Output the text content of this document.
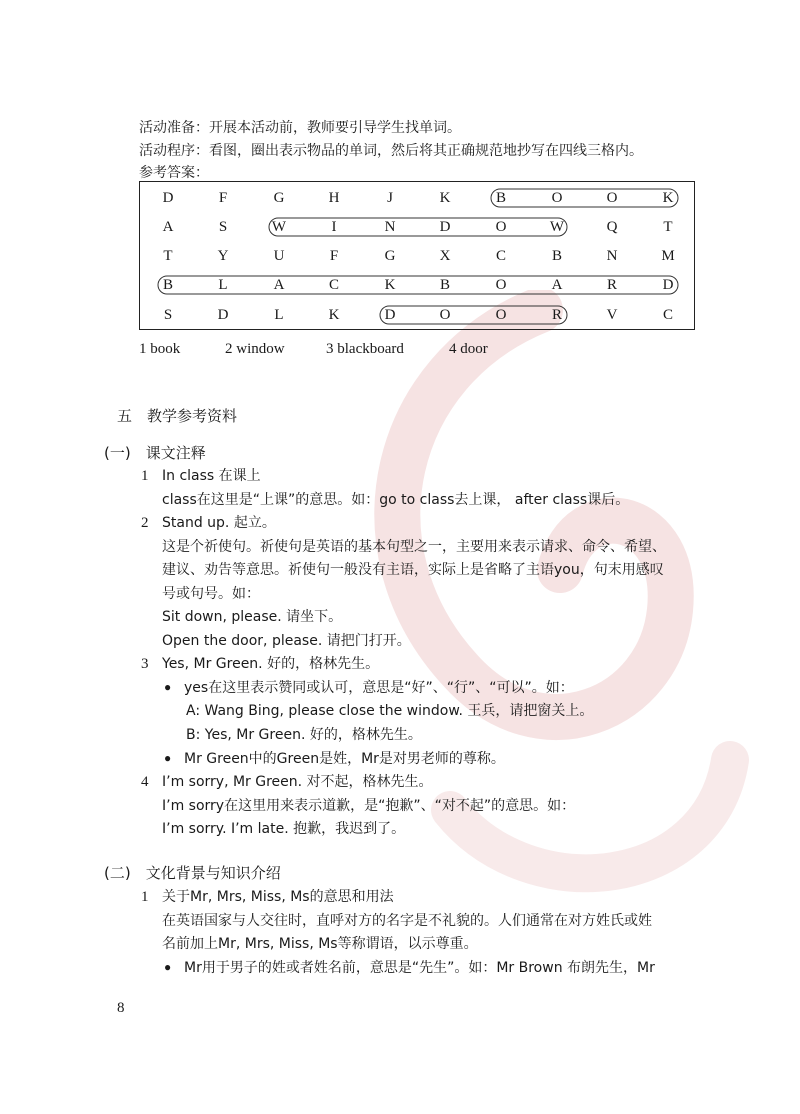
活动准备：开展本活动前，教师要引导学生找单词。
活动程序：看图，圈出表示物品的单词，然后将其正确规范地抄写在四线三格内。
参考答案：
D	F	G	H	J	K	B	O	O	K
A	S	W	I	N	D	O	W	Q	T
T	Y	U	F	G	X	C	B	N	M
B	L	A	C	K	B	O	A	R	D
S	D	L	K	D	O	O	R	V	C
1 book	2 window	3 blackboard	4 door
五　教学参考资料
(一)　课文注释
1 In class 在课上
class在这里是“上课”的意思。如：go to class去上课， after class课后。
2 Stand up. 起立。
这是个祈使句。祈使句是英语的基本句型之一，主要用来表示请求、命令、希望、
建议、劝告等意思。祈使句一般没有主语，实际上是省略了主语you，句末用感叹
号或句号。如：
Sit down, please. 请坐下。
Open the door, please. 请把门打开。
3 Yes, Mr Green. 好的，格林先生。
● yes在这里表示赞同或认可，意思是“好”、“行”、“可以”。如：
A: Wang Bing, please close the window. 王兵，请把窗关上。
B: Yes, Mr Green. 好的，格林先生。
● Mr Green中的Green是姓，Mr是对男老师的尊称。
4 I’m sorry, Mr Green. 对不起，格林先生。
I’m sorry在这里用来表示道歉，是“抱歉”、“对不起”的意思。如：
I’m sorry. I’m late. 抱歉，我迟到了。
(二)　文化背景与知识介绍
1 关于Mr, Mrs, Miss, Ms的意思和用法
在英语国家与人交往时，直呼对方的名字是不礼貌的。人们通常在对方姓氏或姓
名前加上Mr, Mrs, Miss, Ms等称谓语，以示尊重。
● Mr用于男子的姓或者姓名前，意思是“先生”。如：Mr Brown 布朗先生，Mr
8
